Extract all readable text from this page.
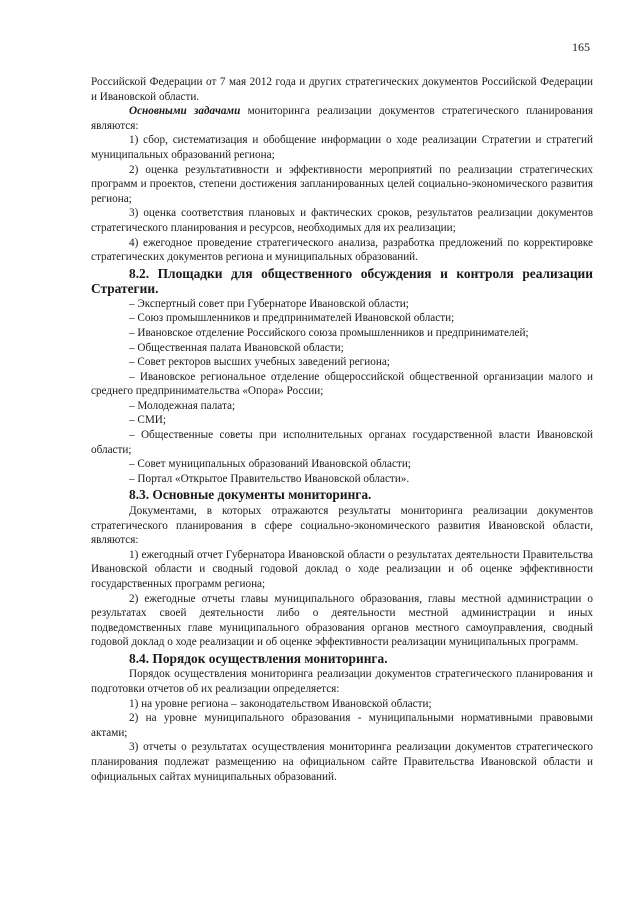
165

Российской Федерации от 7 мая 2012 года и других стратегических документов Российской Федерации и Ивановской области.

Основными задачами мониторинга реализации документов стратегического планирования являются:

1) сбор, систематизация и обобщение информации о ходе реализации Стратегии и стратегий муниципальных образований региона;

2) оценка результативности и эффективности мероприятий по реализации стратегических программ и проектов, степени достижения запланированных целей социально-экономического развития региона;

3) оценка соответствия плановых и фактических сроков, результатов реализации документов стратегического планирования и ресурсов, необходимых для их реализации;

4) ежегодное проведение стратегического анализа, разработка предложений по корректировке стратегических документов региона и муниципальных образований.

8.2. Площадки для общественного обсуждения и контроля реализации Стратегии.

– Экспертный совет при Губернаторе Ивановской области;

– Союз промышленников и предпринимателей Ивановской области;

– Ивановское отделение Российского союза промышленников и предпринимателей;

– Общественная палата Ивановской области;

– Совет ректоров высших учебных заведений региона;

– Ивановское региональное отделение общероссийской общественной организации малого и среднего предпринимательства «Опора» России;

– Молодежная палата;

– СМИ;

– Общественные советы при исполнительных органах государственной власти Ивановской области;

– Совет муниципальных образований Ивановской области;

– Портал «Открытое Правительство Ивановской области».

8.3. Основные документы мониторинга.

Документами, в которых отражаются результаты мониторинга реализации документов стратегического планирования в сфере социально-экономического развития Ивановской области, являются:

1) ежегодный отчет Губернатора Ивановской области о результатах деятельности Правительства Ивановской области и сводный годовой доклад о ходе реализации и об оценке эффективности государственных программ региона;

2) ежегодные отчеты главы муниципального образования, главы местной администрации о результатах своей деятельности либо о деятельности местной администрации и иных подведомственных главе муниципального образования органов местного самоуправления, сводный годовой доклад о ходе реализации и об оценке эффективности реализации муниципальных программ.

8.4. Порядок осуществления мониторинга.

Порядок осуществления мониторинга реализации документов стратегического планирования и подготовки отчетов об их реализации определяется:

1) на уровне региона – законодательством Ивановской области;

2) на уровне муниципального образования - муниципальными нормативными правовыми актами;

3) отчеты о результатах осуществления мониторинга реализации документов стратегического планирования подлежат размещению на официальном сайте Правительства Ивановской области и официальных сайтах муниципальных образований.
